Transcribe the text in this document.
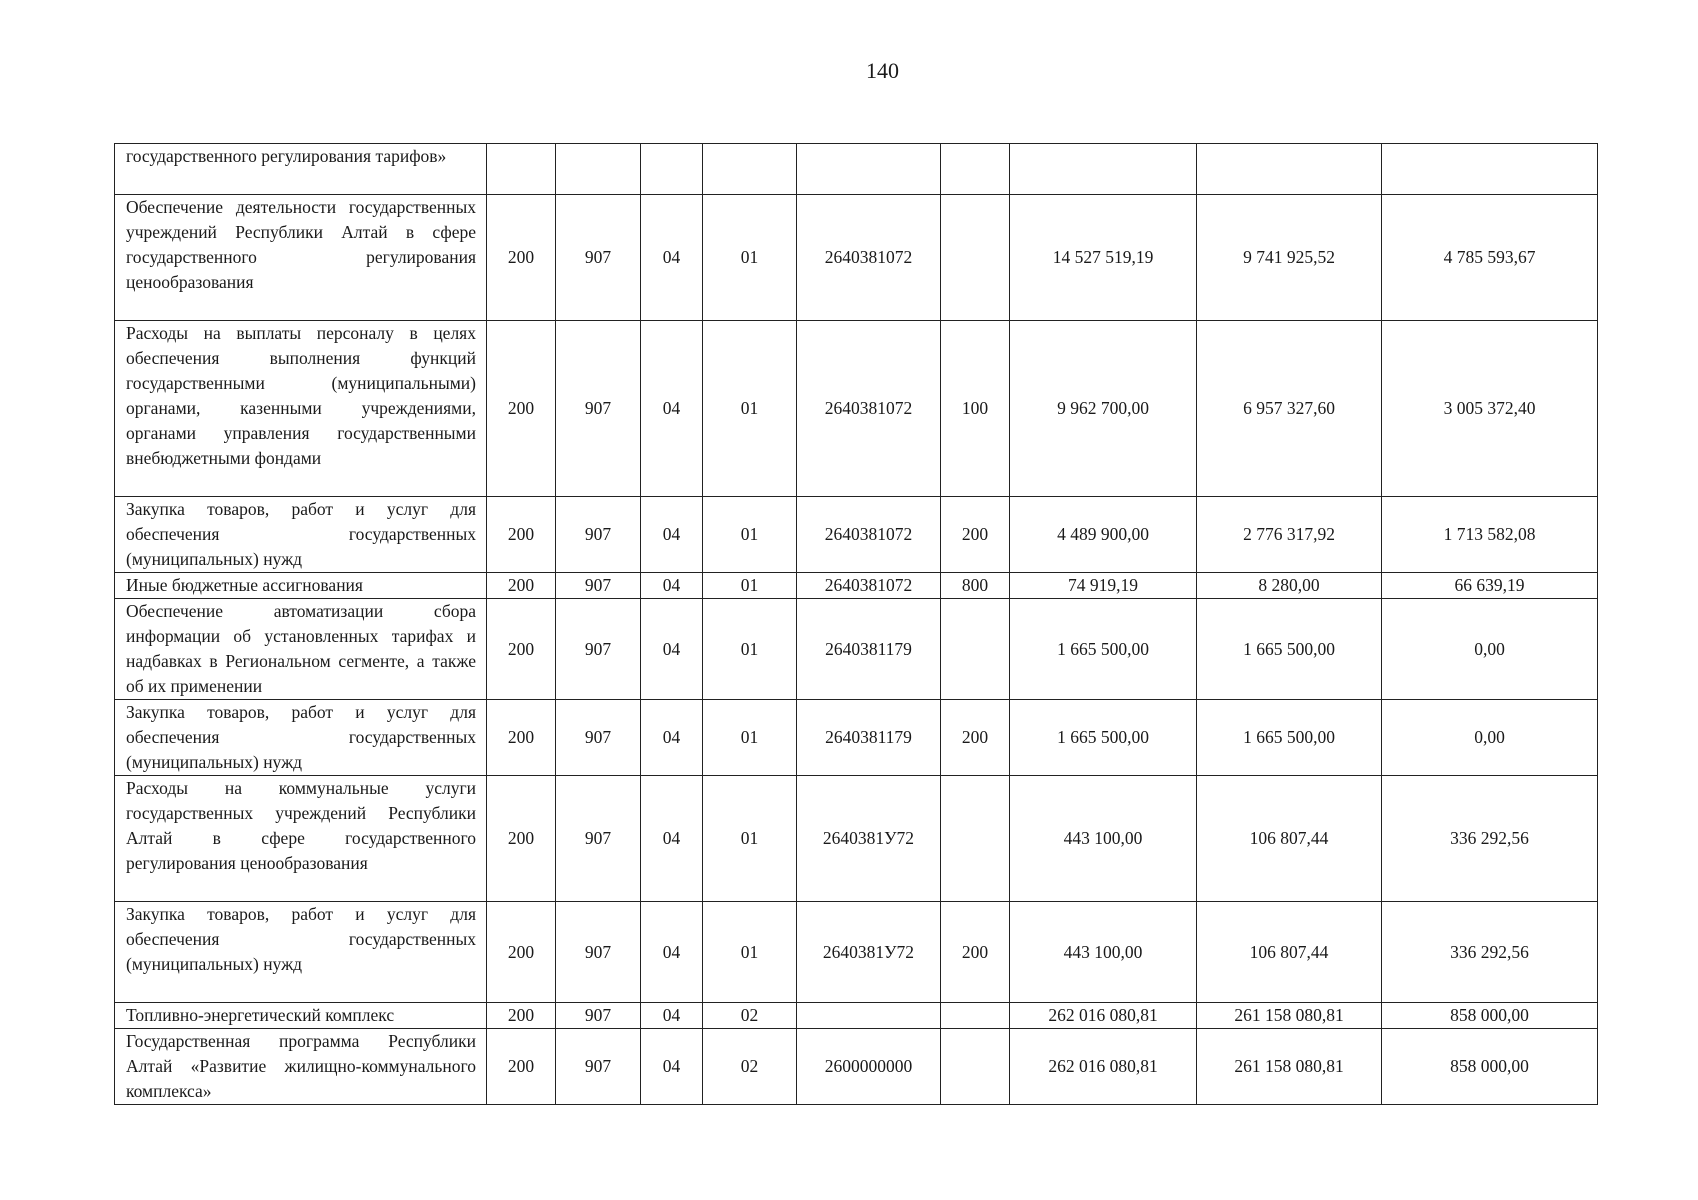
140
государственного регулирования тарифов»									
Обеспечение деятельности государственных учреждений Республики Алтай в сфере государственного регулирования ценообразования	200	907	04	01	2640381072		14 527 519,19	9 741 925,52	4 785 593,67
Расходы на выплаты персоналу в целях обеспечения выполнения функций государственными (муниципальными) органами, казенными учреждениями, органами управления государственными внебюджетными фондами	200	907	04	01	2640381072	100	9 962 700,00	6 957 327,60	3 005 372,40
Закупка товаров, работ и услуг для обеспечения государственных (муниципальных) нужд	200	907	04	01	2640381072	200	4 489 900,00	2 776 317,92	1 713 582,08
Иные бюджетные ассигнования	200	907	04	01	2640381072	800	74 919,19	8 280,00	66 639,19
Обеспечение автоматизации сбора информации об установленных тарифах и надбавках в Региональном сегменте, а также об их применении	200	907	04	01	2640381179		1 665 500,00	1 665 500,00	0,00
Закупка товаров, работ и услуг для обеспечения государственных (муниципальных) нужд	200	907	04	01	2640381179	200	1 665 500,00	1 665 500,00	0,00
Расходы на коммунальные услуги государственных учреждений Республики Алтай в сфере государственного регулирования ценообразования	200	907	04	01	2640381У72		443 100,00	106 807,44	336 292,56
Закупка товаров, работ и услуг для обеспечения государственных (муниципальных) нужд	200	907	04	01	2640381У72	200	443 100,00	106 807,44	336 292,56
Топливно-энергетический комплекс	200	907	04	02			262 016 080,81	261 158 080,81	858 000,00
Государственная программа Республики Алтай «Развитие жилищно-коммунального комплекса»	200	907	04	02	2600000000		262 016 080,81	261 158 080,81	858 000,00
